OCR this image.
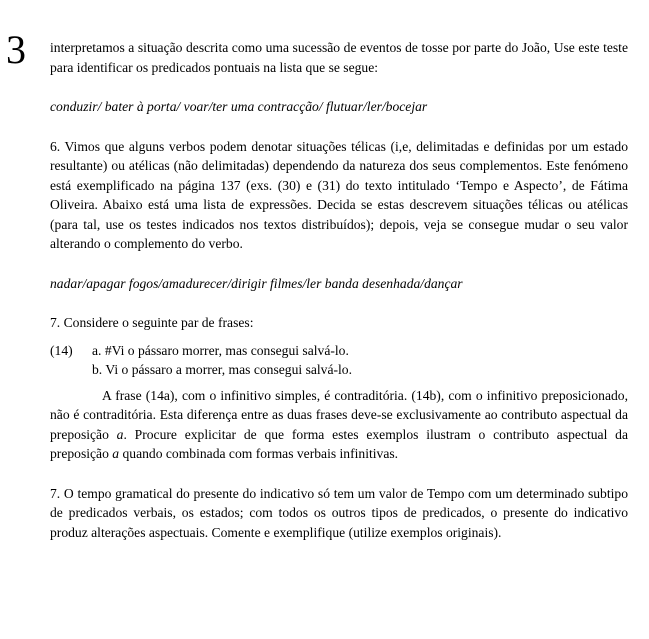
3 interpretamos a situação descrita como uma sucessão de eventos de tosse por parte do João, Use este teste para identificar os predicados pontuais na lista que se segue:

conduzir/ bater à porta/ voar/ter uma contracção/ flutuar/ler/bocejar

6. Vimos que alguns verbos podem denotar situações télicas (i,e, delimitadas e definidas por um estado resultante) ou atélicas (não delimitadas) dependendo da natureza dos seus complementos. Este fenómeno está exemplificado na página 137 (exs. (30) e (31) do texto intitulado ‘Tempo e Aspecto’, de Fátima Oliveira. Abaixo está uma lista de expressões. Decida se estas descrevem situações télicas ou atélicas (para tal, use os testes indicados nos textos distribuídos); depois, veja se consegue mudar o seu valor alterando o complemento do verbo.

nadar/apagar fogos/amadurecer/dirigir filmes/ler banda desenhada/dançar

7. Considere o seguinte par de frases:

(14)	a. #Vi o pássaro morrer, mas consegui salvá-lo.

b. Vi o pássaro a morrer, mas consegui salvá-lo.

A frase (14a), com o infinitivo simples, é contraditória. (14b), com o infinitivo preposicionado, não é contraditória. Esta diferença entre as duas frases deve-se exclusivamente ao contributo aspectual da preposição a. Procure explicitar de que forma estes exemplos ilustram o contributo aspectual da preposição a quando combinada com formas verbais infinitivas.

7. O tempo gramatical do presente do indicativo só tem um valor de Tempo com um determinado subtipo de predicados verbais, os estados; com todos os outros tipos de predicados, o presente do indicativo produz alterações aspectuais. Comente e exemplifique (utilize exemplos originais).
